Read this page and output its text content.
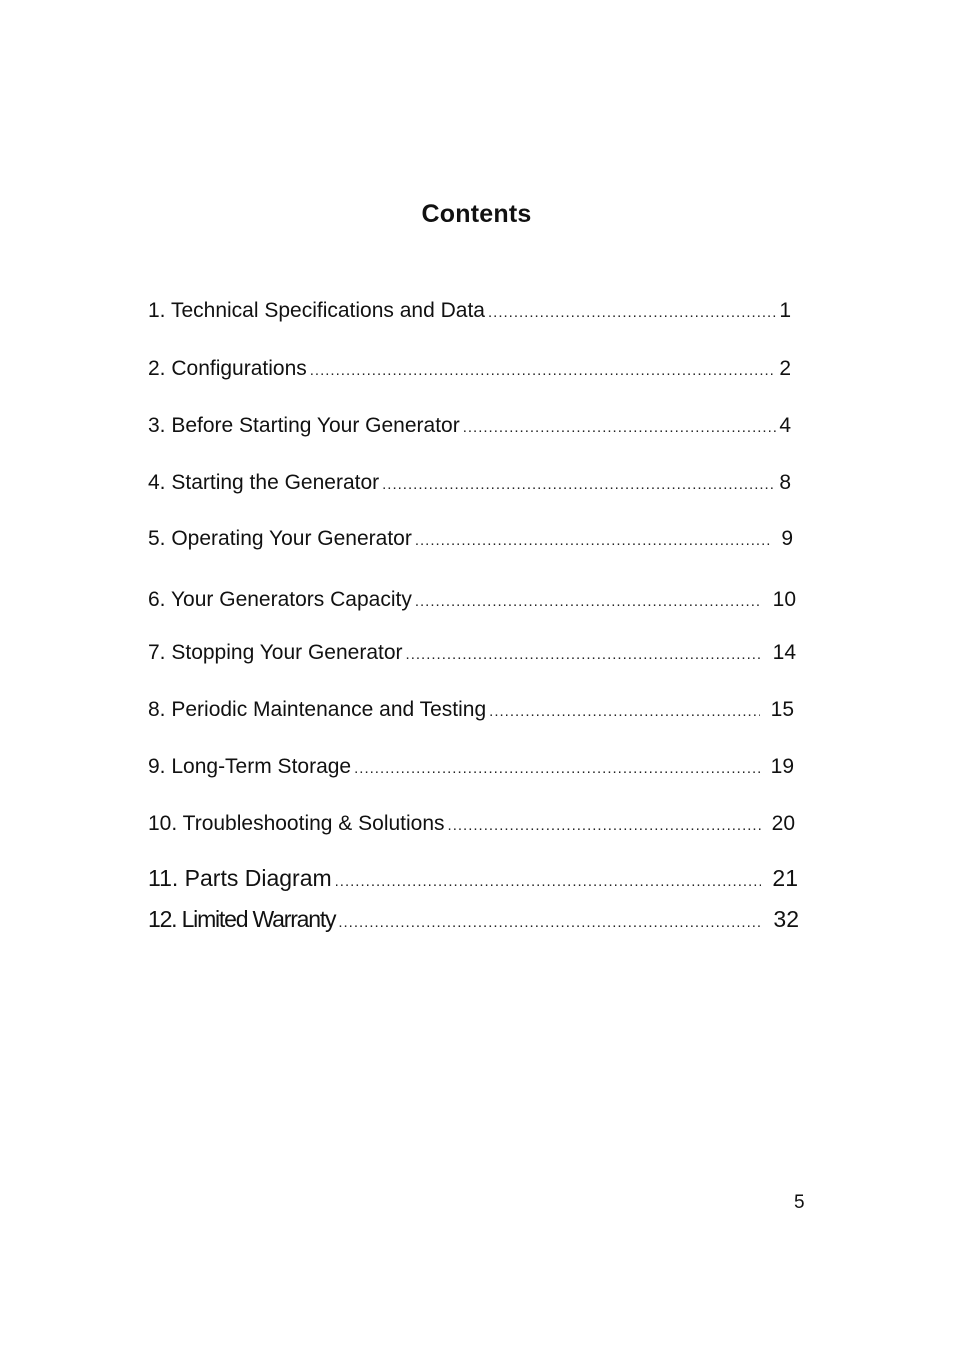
Contents
1. Technical Specifications and Data .....	1
2. Configurations .....	2
3. Before Starting Your Generator .....	4
4. Starting the Generator .....	8
5. Operating Your Generator .....	9
6. Your Generators Capacity .....	10
7. Stopping Your Generator .....	14
8. Periodic Maintenance and Testing .....	15
9. Long-Term Storage .....	19
10. Troubleshooting & Solutions .....	20
11. Parts Diagram .....	21
12. Limited Warranty .....	32
5
